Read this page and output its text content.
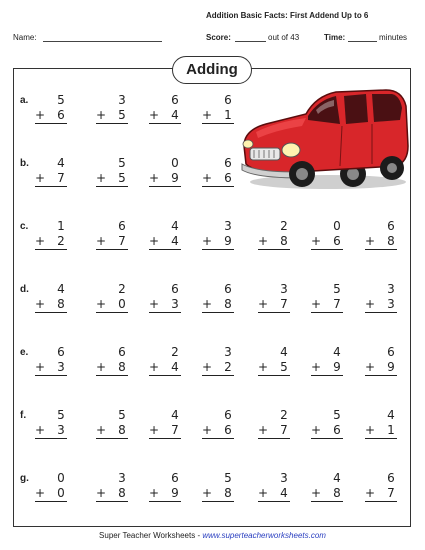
Addition Basic Facts: First Addend Up to 6
Name:	Score:	out of 43	Time:	minutes
Adding
a.	5
+ 6
3
+ 5
6
+ 4
6
+ 1
b.	4
+ 7
5
+ 5
0
+ 9
6
+ 6
c.	1
+ 2
6
+ 7
4
+ 4
3
+ 9
2
+ 8
0
+ 6
6
+ 8
d.	4
+ 8
2
+ 0
6
+ 3
6
+ 8
3
+ 7
5
+ 7
3
+ 3
e.	6
+ 3
6
+ 8
2
+ 4
3
+ 2
4
+ 5
4
+ 9
6
+ 9
f.	5
+ 3
5
+ 8
4
+ 7
6
+ 6
2
+ 7
5
+ 6
4
+ 1
g.	0
+ 0
3
+ 8
6
+ 9
5
+ 8
3
+ 4
4
+ 8
6
+ 7
Super Teacher Worksheets - www.superteacherworksheets.com
